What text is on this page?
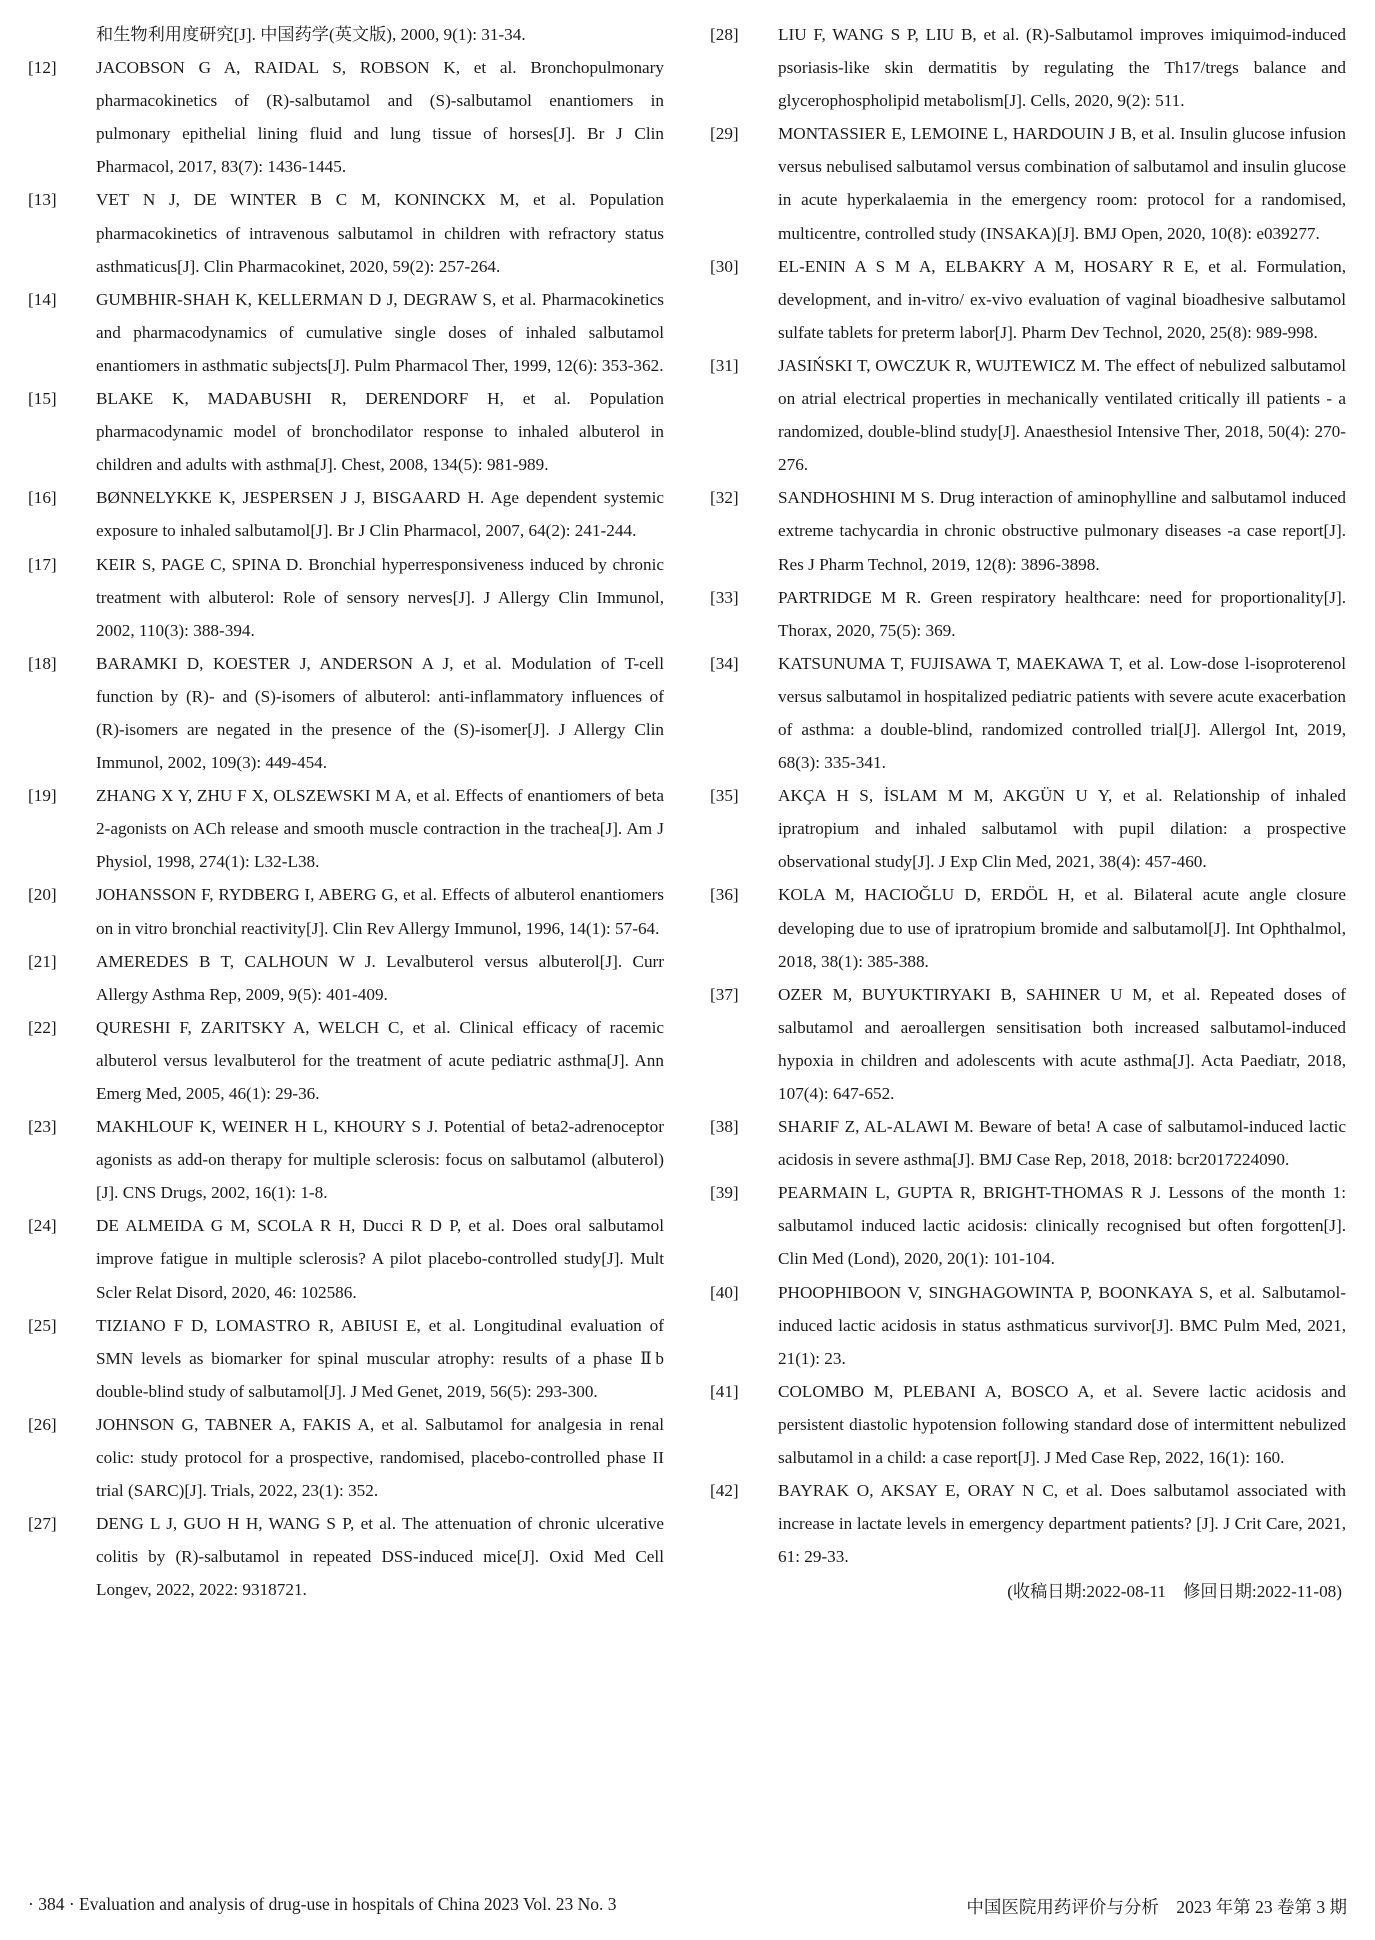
和生物利用度研究[J]. 中国药学(英文版), 2000, 9(1): 31-34.
[12]	JACOBSON G A, RAIDAL S, ROBSON K, et al. Bronchopulmonary pharmacokinetics of (R)-salbutamol and (S)-salbutamol enantiomers in pulmonary epithelial lining fluid and lung tissue of horses[J]. Br J Clin Pharmacol, 2017, 83(7): 1436-1445.
[13]	VET N J, DE WINTER B C M, KONINCKX M, et al. Population pharmacokinetics of intravenous salbutamol in children with refractory status asthmaticus[J]. Clin Pharmacokinet, 2020, 59(2): 257-264.
[14]	GUMBHIR-SHAH K, KELLERMAN D J, DEGRAW S, et al. Pharmacokinetics and pharmacodynamics of cumulative single doses of inhaled salbutamol enantiomers in asthmatic subjects[J]. Pulm Pharmacol Ther, 1999, 12(6): 353-362.
[15]	BLAKE K, MADABUSHI R, DERENDORF H, et al. Population pharmacodynamic model of bronchodilator response to inhaled albuterol in children and adults with asthma[J]. Chest, 2008, 134(5): 981-989.
[16]	BØNNELYKKE K, JESPERSEN J J, BISGAARD H. Age dependent systemic exposure to inhaled salbutamol[J]. Br J Clin Pharmacol, 2007, 64(2): 241-244.
[17]	KEIR S, PAGE C, SPINA D. Bronchial hyperresponsiveness induced by chronic treatment with albuterol: Role of sensory nerves[J]. J Allergy Clin Immunol, 2002, 110(3): 388-394.
[18]	BARAMKI D, KOESTER J, ANDERSON A J, et al. Modulation of T-cell function by (R)- and (S)-isomers of albuterol: anti-inflammatory influences of (R)-isomers are negated in the presence of the (S)-isomer[J]. J Allergy Clin Immunol, 2002, 109(3): 449-454.
[19]	ZHANG X Y, ZHU F X, OLSZEWSKI M A, et al. Effects of enantiomers of beta 2-agonists on ACh release and smooth muscle contraction in the trachea[J]. Am J Physiol, 1998, 274(1): L32-L38.
[20]	JOHANSSON F, RYDBERG I, ABERG G, et al. Effects of albuterol enantiomers on in vitro bronchial reactivity[J]. Clin Rev Allergy Immunol, 1996, 14(1): 57-64.
[21]	AMEREDES B T, CALHOUN W J. Levalbuterol versus albuterol[J]. Curr Allergy Asthma Rep, 2009, 9(5): 401-409.
[22]	QURESHI F, ZARITSKY A, WELCH C, et al. Clinical efficacy of racemic albuterol versus levalbuterol for the treatment of acute pediatric asthma[J]. Ann Emerg Med, 2005, 46(1): 29-36.
[23]	MAKHLOUF K, WEINER H L, KHOURY S J. Potential of beta2-adrenoceptor agonists as add-on therapy for multiple sclerosis: focus on salbutamol (albuterol)[J]. CNS Drugs, 2002, 16(1): 1-8.
[24]	DE ALMEIDA G M, SCOLA R H, Ducci R D P, et al. Does oral salbutamol improve fatigue in multiple sclerosis? A pilot placebo-controlled study[J]. Mult Scler Relat Disord, 2020, 46: 102586.
[25]	TIZIANO F D, LOMASTRO R, ABIUSI E, et al. Longitudinal evaluation of SMN levels as biomarker for spinal muscular atrophy: results of a phase Ⅱb double-blind study of salbutamol[J]. J Med Genet, 2019, 56(5): 293-300.
[26]	JOHNSON G, TABNER A, FAKIS A, et al. Salbutamol for analgesia in renal colic: study protocol for a prospective, randomised, placebo-controlled phase II trial (SARC)[J]. Trials, 2022, 23(1): 352.
[27]	DENG L J, GUO H H, WANG S P, et al. The attenuation of chronic ulcerative colitis by (R)-salbutamol in repeated DSS-induced mice[J]. Oxid Med Cell Longev, 2022, 2022: 9318721.
[28]	LIU F, WANG S P, LIU B, et al. (R)-Salbutamol improves imiquimod-induced psoriasis-like skin dermatitis by regulating the Th17/tregs balance and glycerophospholipid metabolism[J]. Cells, 2020, 9(2): 511.
[29]	MONTASSIER E, LEMOINE L, HARDOUIN J B, et al. Insulin glucose infusion versus nebulised salbutamol versus combination of salbutamol and insulin glucose in acute hyperkalaemia in the emergency room: protocol for a randomised, multicentre, controlled study (INSAKA)[J]. BMJ Open, 2020, 10(8): e039277.
[30]	EL-ENIN A S M A, ELBAKRY A M, HOSARY R E, et al. Formulation, development, and in-vitro/ ex-vivo evaluation of vaginal bioadhesive salbutamol sulfate tablets for preterm labor[J]. Pharm Dev Technol, 2020, 25(8): 989-998.
[31]	JASIŃSKI T, OWCZUK R, WUJTEWICZ M. The effect of nebulized salbutamol on atrial electrical properties in mechanically ventilated critically ill patients - a randomized, double-blind study[J]. Anaesthesiol Intensive Ther, 2018, 50(4): 270-276.
[32]	SANDHOSHINI M S. Drug interaction of aminophylline and salbutamol induced extreme tachycardia in chronic obstructive pulmonary diseases -a case report[J]. Res J Pharm Technol, 2019, 12(8): 3896-3898.
[33]	PARTRIDGE M R. Green respiratory healthcare: need for proportionality[J]. Thorax, 2020, 75(5): 369.
[34]	KATSUNUMA T, FUJISAWA T, MAEKAWA T, et al. Low-dose l-isoproterenol versus salbutamol in hospitalized pediatric patients with severe acute exacerbation of asthma: a double-blind, randomized controlled trial[J]. Allergol Int, 2019, 68(3): 335-341.
[35]	AKÇA H S, İSLAM M M, AKGÜN U Y, et al. Relationship of inhaled ipratropium and inhaled salbutamol with pupil dilation: a prospective observational study[J]. J Exp Clin Med, 2021, 38(4): 457-460.
[36]	KOLA M, HACIOĞLU D, ERDÖL H, et al. Bilateral acute angle closure developing due to use of ipratropium bromide and salbutamol[J]. Int Ophthalmol, 2018, 38(1): 385-388.
[37]	OZER M, BUYUKTIRYAKI B, SAHINER U M, et al. Repeated doses of salbutamol and aeroallergen sensitisation both increased salbutamol-induced hypoxia in children and adolescents with acute asthma[J]. Acta Paediatr, 2018, 107(4): 647-652.
[38]	SHARIF Z, AL-ALAWI M. Beware of beta! A case of salbutamol-induced lactic acidosis in severe asthma[J]. BMJ Case Rep, 2018, 2018: bcr2017224090.
[39]	PEARMAIN L, GUPTA R, BRIGHT-THOMAS R J. Lessons of the month 1: salbutamol induced lactic acidosis: clinically recognised but often forgotten[J]. Clin Med (Lond), 2020, 20(1): 101-104.
[40]	PHOOPHIBOON V, SINGHAGOWINTA P, BOONKAYA S, et al. Salbutamol-induced lactic acidosis in status asthmaticus survivor[J]. BMC Pulm Med, 2021, 21(1): 23.
[41]	COLOMBO M, PLEBANI A, BOSCO A, et al. Severe lactic acidosis and persistent diastolic hypotension following standard dose of intermittent nebulized salbutamol in a child: a case report[J]. J Med Case Rep, 2022, 16(1): 160.
[42]	BAYRAK O, AKSAY E, ORAY N C, et al. Does salbutamol associated with increase in lactate levels in emergency department patients? [J]. J Crit Care, 2021, 61: 29-33.
(收稿日期:2022-08-11　修回日期:2022-11-08)
· 384 · Evaluation and analysis of drug-use in hospitals of China 2023 Vol. 23 No. 3	中国医院用药评价与分析　2023 年第 23 卷第 3 期
